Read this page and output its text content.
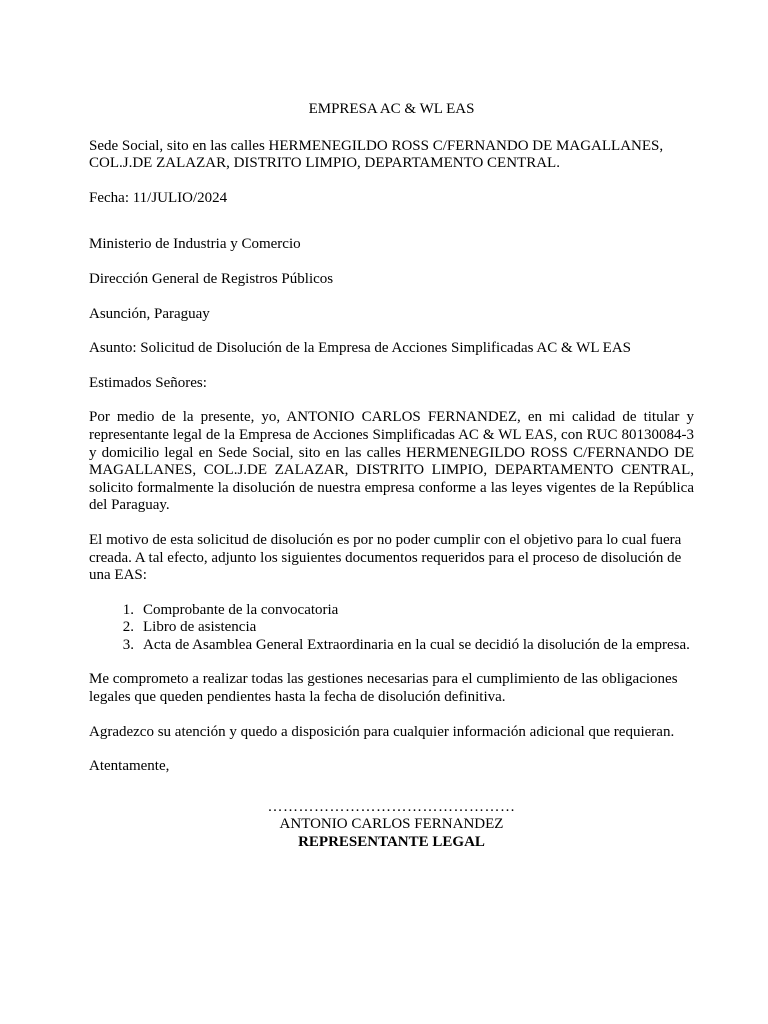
EMPRESA AC & WL EAS

Sede Social, sito en las calles HERMENEGILDO ROSS C/FERNANDO DE MAGALLANES, COL.J.DE ZALAZAR, DISTRITO LIMPIO, DEPARTAMENTO CENTRAL.

Fecha: 11/JULIO/2024

Ministerio de Industria y Comercio

Dirección General de Registros Públicos

Asunción, Paraguay

Asunto: Solicitud de Disolución de la Empresa de Acciones Simplificadas AC & WL EAS

Estimados Señores:

Por medio de la presente, yo, ANTONIO CARLOS FERNANDEZ, en mi calidad de titular y representante legal de la Empresa de Acciones Simplificadas AC & WL EAS, con RUC 80130084-3 y domicilio legal en Sede Social, sito en las calles HERMENEGILDO ROSS C/FERNANDO DE MAGALLANES, COL.J.DE ZALAZAR, DISTRITO LIMPIO, DEPARTAMENTO CENTRAL, solicito formalmente la disolución de nuestra empresa conforme a las leyes vigentes de la República del Paraguay.

El motivo de esta solicitud de disolución es por no poder cumplir con el objetivo para lo cual fuera creada. A tal efecto, adjunto los siguientes documentos requeridos para el proceso de disolución de una EAS:

1. Comprobante de la convocatoria
2. Libro de asistencia
3. Acta de Asamblea General Extraordinaria en la cual se decidió la disolución de la empresa.

Me comprometo a realizar todas las gestiones necesarias para el cumplimiento de las obligaciones legales que queden pendientes hasta la fecha de disolución definitiva.

Agradezco su atención y quedo a disposición para cualquier información adicional que requieran.

Atentamente,

…………………………………………

ANTONIO CARLOS FERNANDEZ

REPRESENTANTE LEGAL
